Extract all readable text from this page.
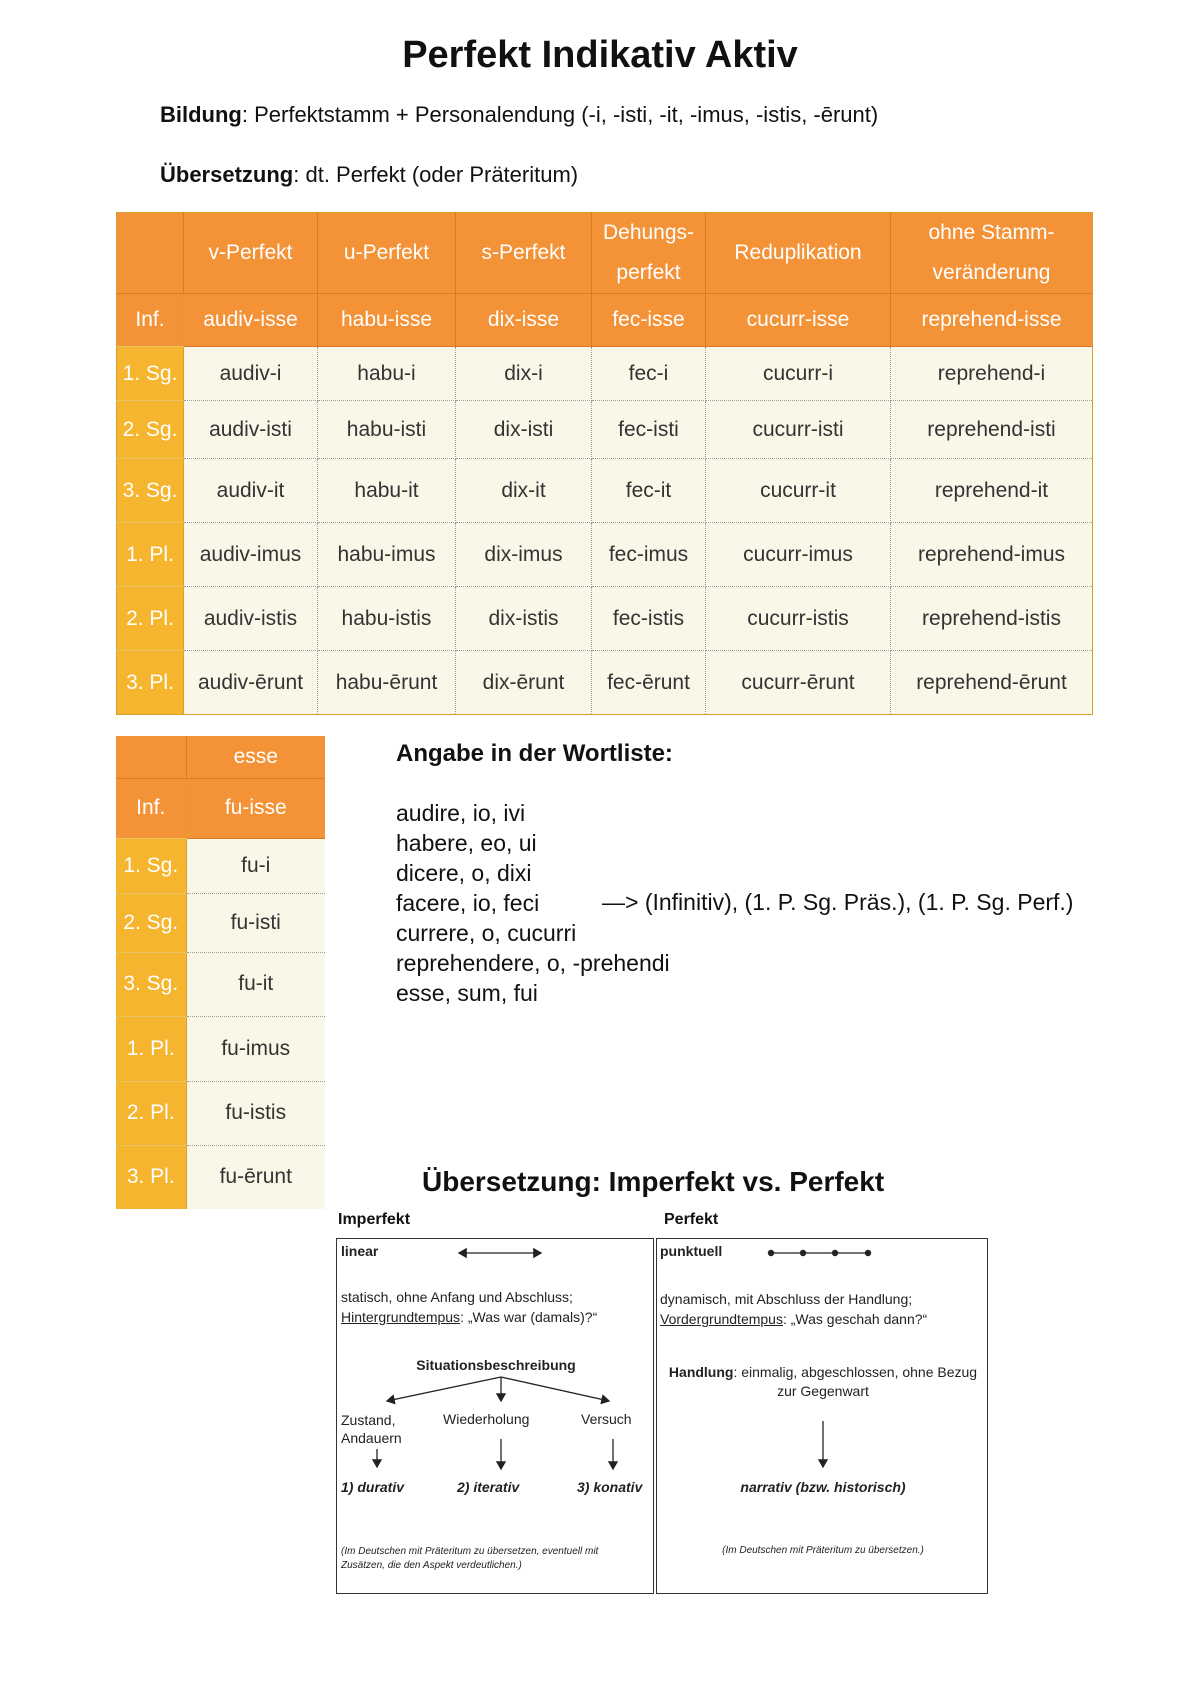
Perfekt Indikativ Aktiv
Bildung: Perfektstamm + Personalendung (-i, -isti, -it, -imus, -istis, -ērunt)
Übersetzung: dt. Perfekt (oder Präteritum)
	v-Perfekt	u-Perfekt	s-Perfekt	Dehungs-perfekt	Reduplikation	ohne Stamm-veränderung
Inf.	audiv-isse	habu-isse	dix-isse	fec-isse	cucurr-isse	reprehend-isse
1. Sg.	audiv-i	habu-i	dix-i	fec-i	cucurr-i	reprehend-i
2. Sg.	audiv-isti	habu-isti	dix-isti	fec-isti	cucurr-isti	reprehend-isti
3. Sg.	audiv-it	habu-it	dix-it	fec-it	cucurr-it	reprehend-it
1. Pl.	audiv-imus	habu-imus	dix-imus	fec-imus	cucurr-imus	reprehend-imus
2. Pl.	audiv-istis	habu-istis	dix-istis	fec-istis	cucurr-istis	reprehend-istis
3. Pl.	audiv-ērunt	habu-ērunt	dix-ērunt	fec-ērunt	cucurr-ērunt	reprehend-ērunt
	esse
Inf.	fu-isse
1. Sg.	fu-i
2. Sg.	fu-isti
3. Sg.	fu-it
1. Pl.	fu-imus
2. Pl.	fu-istis
3. Pl.	fu-ērunt
Angabe in der Wortliste:
audire, io, ivi
habere, eo, ui
dicere, o, dixi
facere, io, feci
currere, o, cucurri
reprehendere, o, -prehendi
esse, sum, fui
—> (Infinitiv), (1. P. Sg. Präs.), (1. P. Sg. Perf.)
Übersetzung: Imperfekt vs. Perfekt
Imperfekt	Perfekt
linear
statisch, ohne Anfang und Abschluss;
Hintergrundtempus: „Was war (damals)?“
Situationsbeschreibung
Zustand, Andauern
Wiederholung	Versuch
1) durativ	2) iterativ	3) konativ
(Im Deutschen mit Präteritum zu übersetzen, eventuell mit Zusätzen, die den Aspekt verdeutlichen.)
punktuell
dynamisch, mit Abschluss der Handlung;
Vordergrundtempus: „Was geschah dann?“
Handlung: einmalig, abgeschlossen, ohne Bezug zur Gegenwart
narrativ (bzw. historisch)
(Im Deutschen mit Präteritum zu übersetzen.)
